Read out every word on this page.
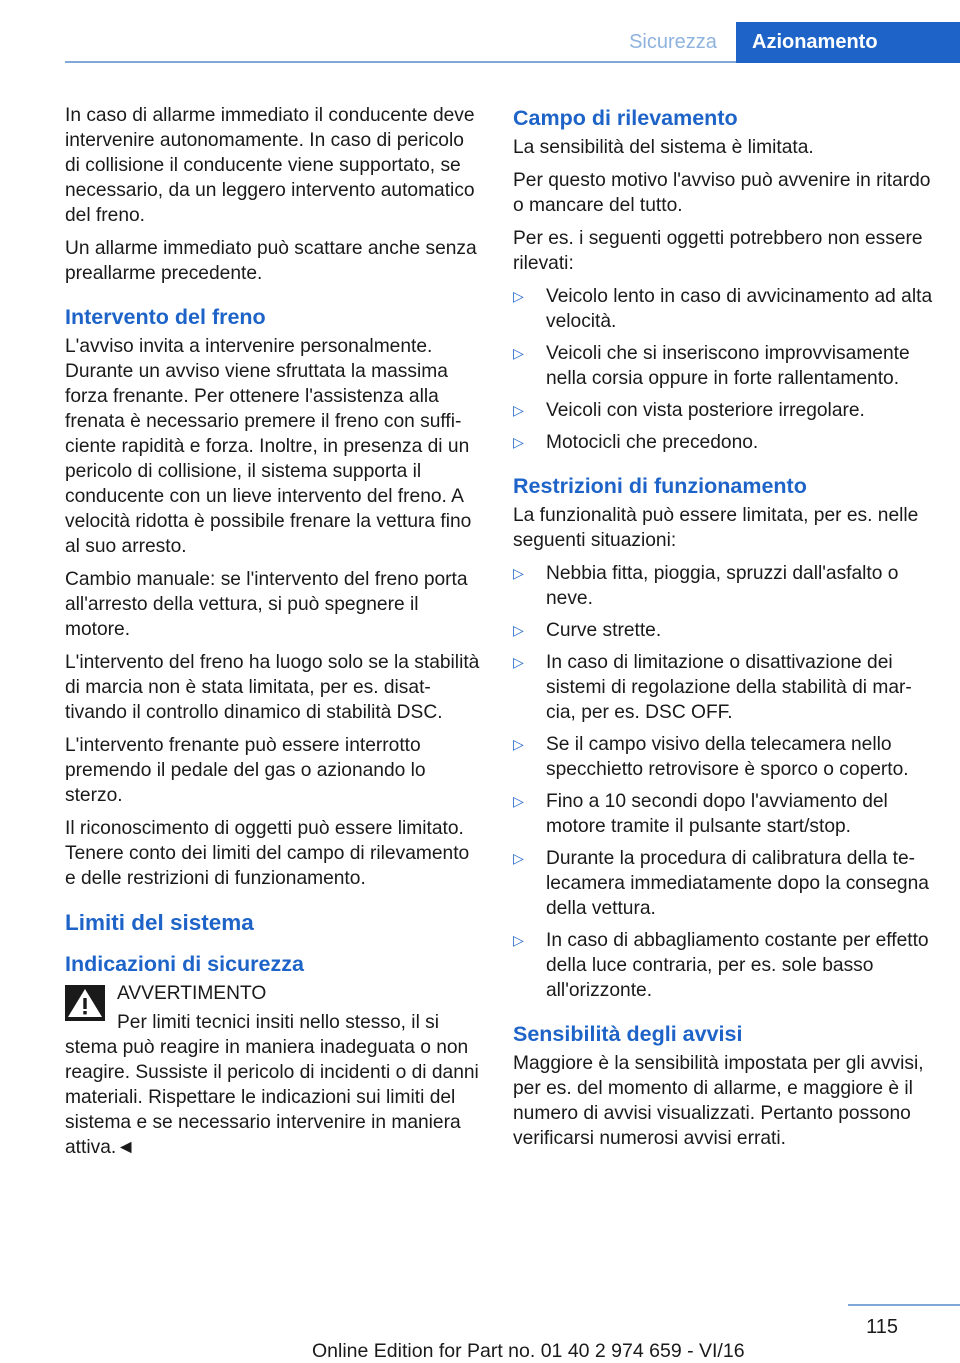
Sicurezza	Azionamento

In caso di allarme immediato il conducente deve intervenire autonomamente. In caso di pericolo di collisione il conducente viene supportato, se necessario, da un leggero intervento automatico del freno.

Un allarme immediato può scattare anche senza preallarme precedente.

Intervento del freno

L'avviso invita a intervenire personalmente. Durante un avviso viene sfruttata la massima forza frenante. Per ottenere l'assistenza alla frenata è necessario premere il freno con sufficiente rapidità e forza. Inoltre, in presenza di un pericolo di collisione, il sistema supporta il conducente con un lieve intervento del freno. A velocità ridotta è possibile frenare la vettura fino al suo arresto.

Cambio manuale: se l'intervento del freno porta all'arresto della vettura, si può spegnere il motore.

L'intervento del freno ha luogo solo se la stabilità di marcia non è stata limitata, per es. disattivando il controllo dinamico di stabilità DSC.

L'intervento frenante può essere interrotto premendo il pedale del gas o azionando lo sterzo.

Il riconoscimento di oggetti può essere limitato. Tenere conto dei limiti del campo di rilevamento e delle restrizioni di funzionamento.

Limiti del sistema
Indicazioni di sicurezza

AVVERTIMENTO

Per limiti tecnici insiti nello stesso, il si

stema può reagire in maniera inadeguata o non reagire. Sussiste il pericolo di incidenti o di danni materiali. Rispettare le indicazioni sui limiti del sistema e se necessario intervenire in maniera attiva.◄

Campo di rilevamento

La sensibilità del sistema è limitata.

Per questo motivo l'avviso può avvenire in ritardo o mancare del tutto.

Per es. i seguenti oggetti potrebbero non essere rilevati:

▷ Veicolo lento in caso di avvicinamento ad alta velocità.
▷ Veicoli che si inseriscono improvvisamente nella corsia oppure in forte rallentamento.
▷ Veicoli con vista posteriore irregolare.
▷ Motocicli che precedono.
Restrizioni di funzionamento

La funzionalità può essere limitata, per es. nelle seguenti situazioni:

▷ Nebbia fitta, pioggia, spruzzi dall'asfalto o neve.
▷ Curve strette.
▷ In caso di limitazione o disattivazione dei sistemi di regolazione della stabilità di marcia, per es. DSC OFF.
▷ Se il campo visivo della telecamera nello specchietto retrovisore è sporco o coperto.
▷ Fino a 10 secondi dopo l'avviamento del motore tramite il pulsante start/stop.
▷ Durante la procedura di calibratura della telecamera immediatamente dopo la consegna della vettura.
▷ In caso di abbagliamento costante per effetto della luce contraria, per es. sole basso all'orizzonte.
Sensibilità degli avvisi

Maggiore è la sensibilità impostata per gli avvisi, per es. del momento di allarme, e maggiore è il numero di avvisi visualizzati. Pertanto possono verificarsi numerosi avvisi errati.

115
Online Edition for Part no. 01 40 2 974 659 - VI/16
